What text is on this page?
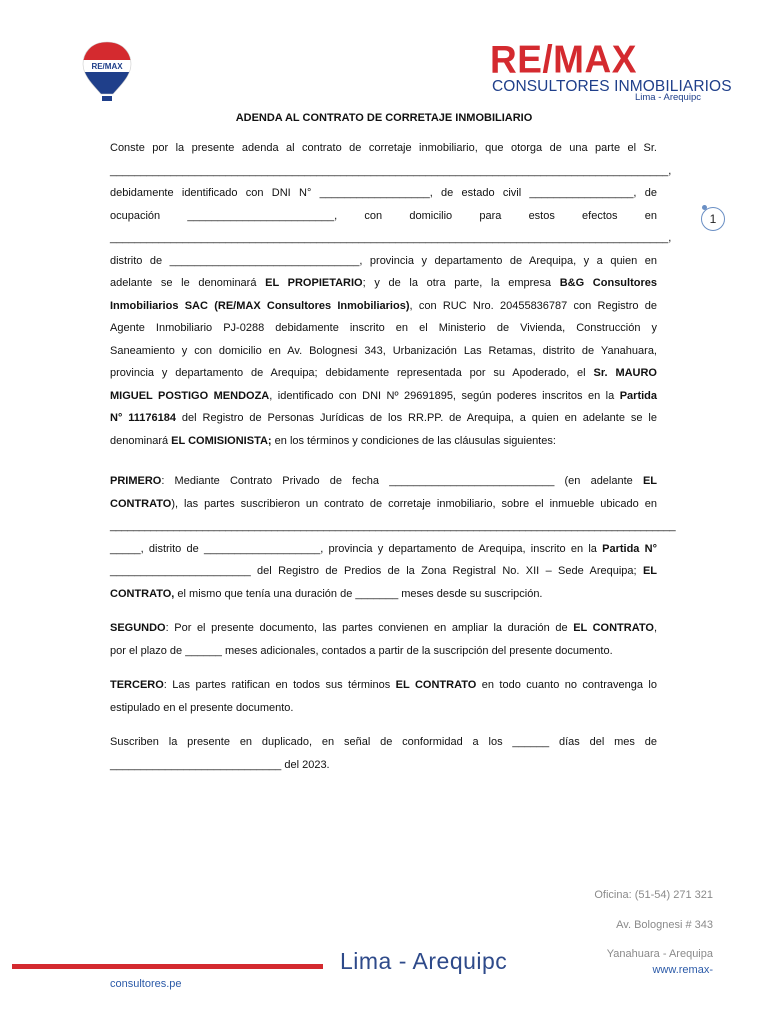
RE/MAX	RE/MAX
CONSULTORES INMOBILIARIOS
Lima - Arequipc
ADENDA AL CONTRATO DE CORRETAJE INMOBILIARIO
1

Conste por la presente adenda al contrato de corretaje inmobiliario, que otorga de una parte el Sr.

____________________________________________________________________________________________,

debidamente identificado con DNI N° __________________, de estado civil _________________, de

ocupación ________________________, con domicilio para estos efectos en

____________________________________________________________________________________________,

distrito de _______________________________, provincia y departamento de Arequipa, y a quien en

adelante se le denominará EL PROPIETARIO; y de la otra parte, la empresa B&G Consultores

Inmobiliarios SAC (RE/MAX Consultores Inmobiliarios), con RUC Nro. 20455836787 con Registro de

Agente Inmobiliario PJ-0288 debidamente inscrito en el Ministerio de Vivienda, Construcción y

Saneamiento y con domicilio en Av. Bolognesi 343, Urbanización Las Retamas, distrito de Yanahuara,

provincia y departamento de Arequipa; debidamente representada por su Apoderado, el Sr. MAURO

MIGUEL POSTIGO MENDOZA, identificado con DNI Nº 29691895, según poderes inscritos en la Partida

N° 11176184 del Registro de Personas Jurídicas de los RR.PP. de Arequipa, a quien en adelante se le

denominará EL COMISIONISTA; en los términos y condiciones de las cláusulas siguientes:

PRIMERO: Mediante Contrato Privado de fecha ___________________________ (en adelante EL

CONTRATO), las partes suscribieron un contrato de corretaje inmobiliario, sobre el inmueble ubicado en

__________________________________________________________________________________________________

_____, distrito de ___________________, provincia y departamento de Arequipa, inscrito en la Partida N°

_______________________ del Registro de Predios de la Zona Registral No. XII – Sede Arequipa; EL

CONTRATO, el mismo que tenía una duración de _______ meses desde su suscripción.

SEGUNDO: Por el presente documento, las partes convienen en ampliar la duración de EL CONTRATO,

por el plazo de ______ meses adicionales, contados a partir de la suscripción del presente documento.

TERCERO: Las partes ratifican en todos sus términos EL CONTRATO en todo cuanto no contravenga lo

estipulado en el presente documento.

Suscriben la presente en duplicado, en señal de conformidad a los ______ días del mes de

____________________________ del 2023.

Oficina: (51-54) 271 321
Av. Bolognesi # 343
Yanahuara - Arequipa
www.remax-
consultores.pe
Lima - Arequipc
